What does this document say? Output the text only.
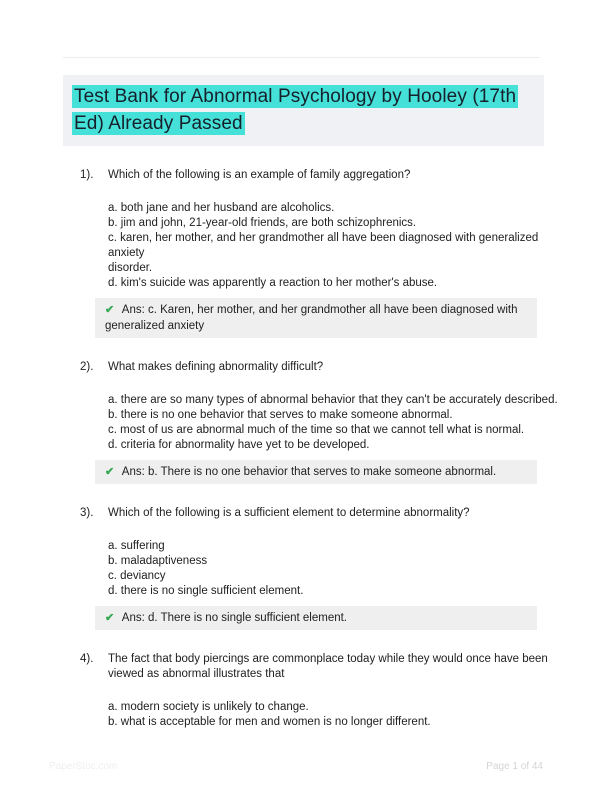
Test Bank for Abnormal Psychology by Hooley (17th Ed) Already Passed
1).	Which of the following is an example of family aggregation?
a. both jane and her husband are alcoholics.
b. jim and john, 21-year-old friends, are both schizophrenics.
c. karen, her mother, and her grandmother all have been diagnosed with generalized
anxiety
disorder.
d. kim's suicide was apparently a reaction to her mother's abuse.
✔ Ans: c. Karen, her mother, and her grandmother all have been diagnosed with generalized anxiety
2).	What makes defining abnormality difficult?
a. there are so many types of abnormal behavior that they can't be accurately described.
b. there is no one behavior that serves to make someone abnormal.
c. most of us are abnormal much of the time so that we cannot tell what is normal.
d. criteria for abnormality have yet to be developed.
✔ Ans: b. There is no one behavior that serves to make someone abnormal.
3).	Which of the following is a sufficient element to determine abnormality?
a. suffering
b. maladaptiveness
c. deviancy
d. there is no single sufficient element.
✔ Ans: d. There is no single sufficient element.
4).	The fact that body piercings are commonplace today while they would once have been
viewed as abnormal illustrates that
a. modern society is unlikely to change.
b. what is acceptable for men and women is no longer different.
PaperStoc.com	Page 1 of 44
